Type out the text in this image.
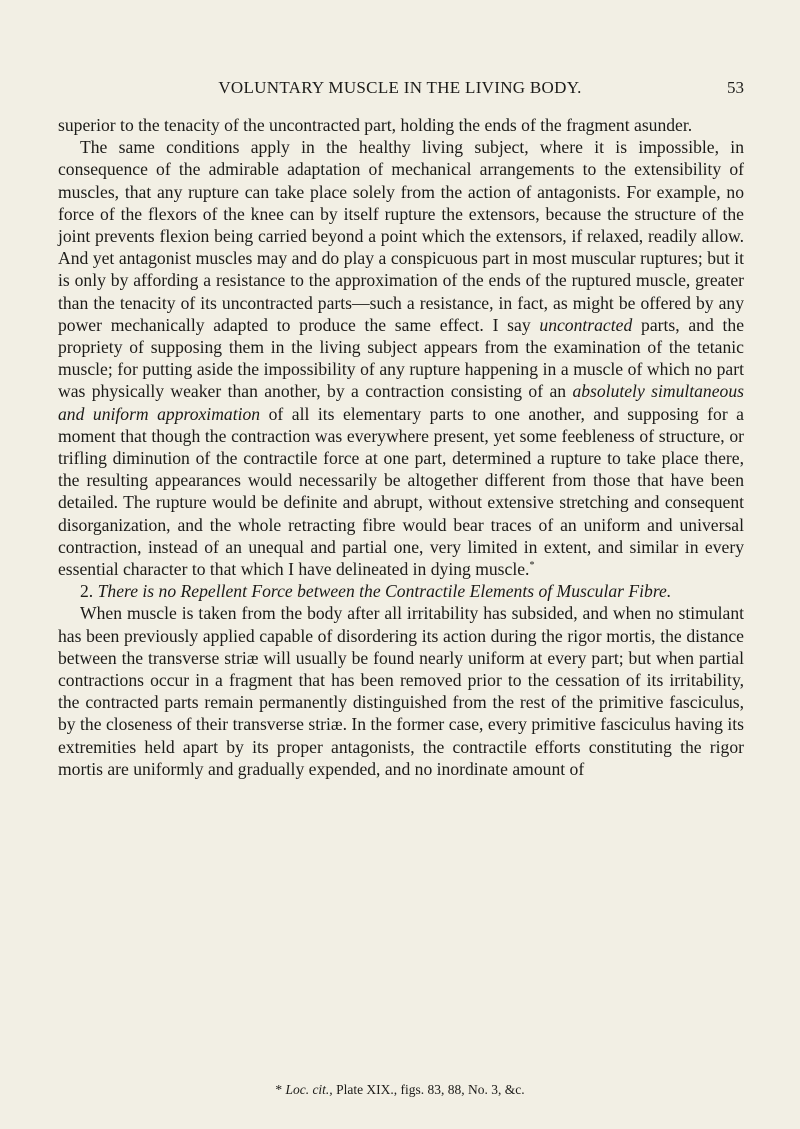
VOLUNTARY MUSCLE IN THE LIVING BODY.	53

superior to the tenacity of the uncontracted part, holding the ends of the fragment asunder.

The same conditions apply in the healthy living subject, where it is impossible, in consequence of the admirable adaptation of mechanical arrangements to the extensibility of muscles, that any rupture can take place solely from the action of antagonists. For example, no force of the flexors of the knee can by itself rupture the extensors, because the structure of the joint prevents flexion being carried beyond a point which the extensors, if relaxed, readily allow. And yet antagonist muscles may and do play a conspicuous part in most muscular ruptures; but it is only by affording a resistance to the approximation of the ends of the ruptured muscle, greater than the tenacity of its uncontracted parts—such a resistance, in fact, as might be offered by any power mechanically adapted to produce the same effect. I say uncontracted parts, and the propriety of supposing them in the living subject appears from the examination of the tetanic muscle; for putting aside the impossibility of any rupture happening in a muscle of which no part was physically weaker than another, by a contraction consisting of an absolutely simultaneous and uniform approximation of all its elementary parts to one another, and supposing for a moment that though the contraction was everywhere present, yet some feebleness of structure, or trifling diminution of the contractile force at one part, determined a rupture to take place there, the resulting appearances would necessarily be altogether different from those that have been detailed. The rupture would be definite and abrupt, without extensive stretching and consequent disorganization, and the whole retracting fibre would bear traces of an uniform and universal contraction, instead of an unequal and partial one, very limited in extent, and similar in every essential character to that which I have delineated in dying muscle.*

2. There is no Repellent Force between the Contractile Elements of Muscular Fibre.

When muscle is taken from the body after all irritability has subsided, and when no stimulant has been previously applied capable of disordering its action during the rigor mortis, the distance between the transverse striæ will usually be found nearly uniform at every part; but when partial contractions occur in a fragment that has been removed prior to the cessation of its irritability, the contracted parts remain permanently distinguished from the rest of the primitive fasciculus, by the closeness of their transverse striæ. In the former case, every primitive fasciculus having its extremities held apart by its proper antagonists, the contractile efforts constituting the rigor mortis are uniformly and gradually expended, and no inordinate amount of

* Loc. cit., Plate XIX., figs. 83, 88, No. 3, &c.
